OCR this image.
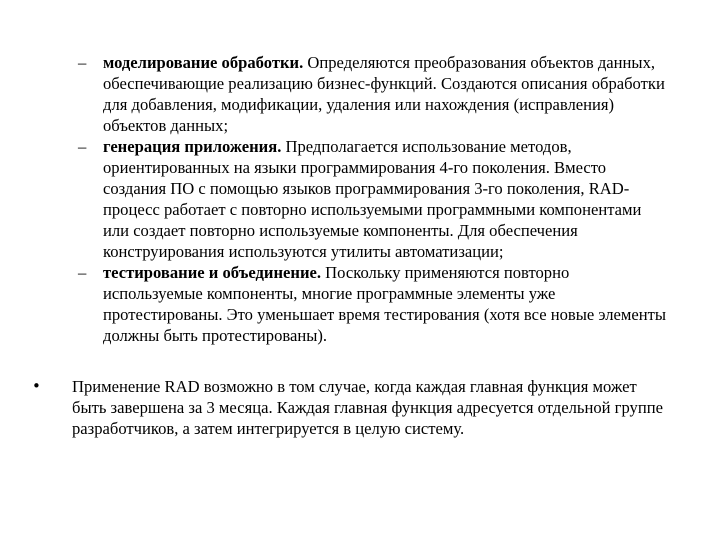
– моделирование обработки. Определяются преобразования объектов данных, обеспечивающие реализацию бизнес-функций. Создаются описания обработки для добавления, модификации, удаления или нахождения (исправления) объектов данных;
– генерация приложения. Предполагается использование методов, ориентированных на языки программирования 4-го поколения. Вместо создания ПО с помощью языков программирования 3-го поколения, RAD-процесс работает с повторно используемыми программными компонентами или создает повторно используемые компоненты. Для обеспечения конструирования используются утилиты автоматизации;
– тестирование и объединение. Поскольку применяются повторно используемые компоненты, многие программные элементы уже протестированы. Это уменьшает время тестирования (хотя все новые элементы должны быть протестированы).
• Применение RAD возможно в том случае, когда каждая главная функция может быть завершена за 3 месяца. Каждая главная функция адресуется отдельной группе разработчиков, а затем интегрируется в целую систему.
